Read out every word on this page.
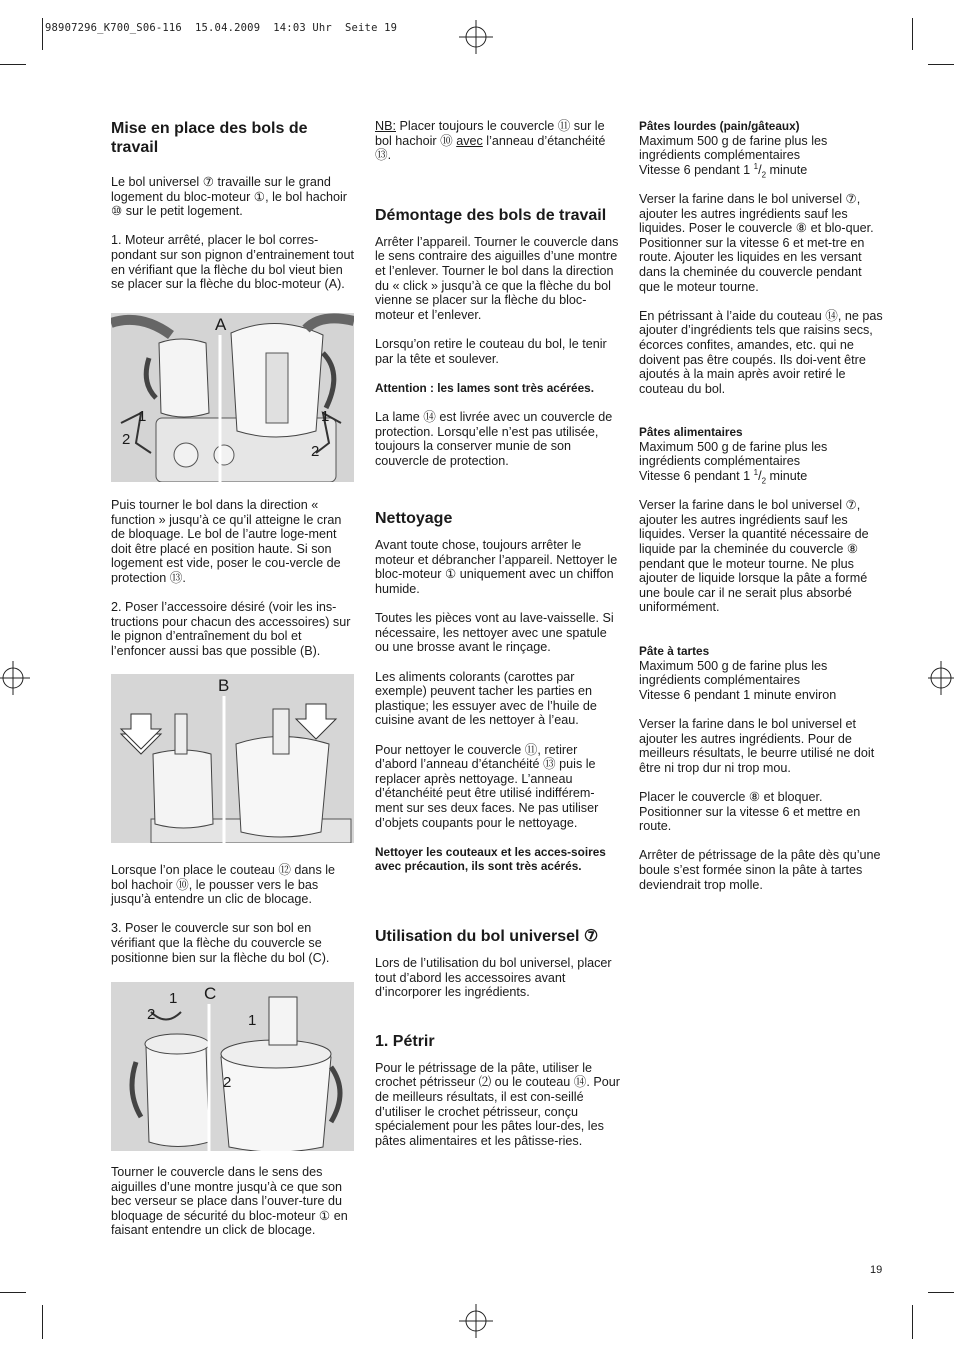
98907296_K700_S06-116  15.04.2009  14:03 Uhr  Seite 19

Mise en place des bols de travail

Le bol universel ⑦ travaille sur le grand logement du bloc-moteur ①, le bol hachoir ⑩ sur le petit logement.

1. Moteur arrêté, placer le bol corres-pondant sur son pignon d’entrainement tout en vérifiant que la flèche du bol vieut bien se placer sur la flèche du bloc-moteur (A).

A
1
2
1
2

Puis tourner le bol dans la direction « function » jusqu’à ce qu’il atteigne le cran de bloquage. Le bol de l’autre loge-ment doit être placé en position haute. Si son logement est vide, poser le cou-vercle de protection ⑬.

2. Poser l’accessoire désiré (voir les ins-tructions pour chacun des accessoires) sur le pignon d’entraînement du bol et l’enfoncer aussi bas que possible (B).

B

Lorsque l’on place le couteau ⑫ dans le bol hachoir ⑩, le pousser vers le bas jusqu’à entendre un clic de blocage.

3. Poser le couvercle sur son bol en vérifiant que la flèche du couvercle se positionne bien sur la flèche du bol (C).

C
1
2	1
2

Tourner le couvercle dans le sens des aiguilles d’une montre jusqu’à ce que son bec verseur se place dans l’ouver-ture du bloquage de sécurité du bloc-moteur ① en faisant entendre un click de blocage.

NB: Placer toujours le couvercle ⑪ sur le bol hachoir ⑩ avec l’anneau d’étanchéité ⑬.

Démontage des bols de travail

Arrêter l’appareil. Tourner le couvercle dans le sens contraire des aiguilles d’une montre et l’enlever. Tourner le bol dans la direction du « click » jusqu’à ce que la flèche du bol vienne se placer sur la flèche du bloc-moteur et l’enlever.

Lorsqu’on retire le couteau du bol, le tenir par la tête et soulever.

Attention : les lames sont très acérées.

La lame ⑭ est livrée avec un couvercle de protection. Lorsqu’elle n’est pas utilisée, toujours la conserver munie de son couvercle de protection.

Nettoyage

Avant toute chose, toujours arrêter le moteur et débrancher l’appareil. Nettoyer le bloc-moteur ① uniquement avec un chiffon humide.

Toutes les pièces vont au lave-vaisselle. Si nécessaire, les nettoyer avec une spatule ou une brosse avant le rinçage.

Les aliments colorants (carottes par exemple) peuvent tacher les parties en plastique; les essuyer avec de l’huile de cuisine avant de les nettoyer à l’eau.

Pour nettoyer le couvercle ⑪, retirer d’abord l’anneau d’étanchéité ⑬ puis le replacer après nettoyage. L’anneau d’étanchéité peut être utilisé indifférem-ment sur ses deux faces. Ne pas utiliser d’objets coupants pour le nettoyage.

Nettoyer les couteaux et les acces-soires avec précaution, ils sont très acérés.

Utilisation du bol universel ⑦

Lors de l’utilisation du bol universel, placer tout d’abord les accessoires avant d’incorporer les ingrédients.

1. Pétrir

Pour le pétrissage de la pâte, utiliser le crochet pétrisseur ⑵ ou le couteau ⑭. Pour de meilleurs résultats, il est con-seillé d’utiliser le crochet pétrisseur, conçu spécialement pour les pâtes lour-des, les pâtes alimentaires et les pâtisse-ries.

Pâtes lourdes (pain/gâteaux)

Maximum 500 g de farine plus les ingrédients complémentaires

Vitesse 6 pendant 1 $^1/_2$ minute

Verser la farine dans le bol universel ⑦, ajouter les autres ingrédients sauf les liquides. Poser le couvercle ⑧ et blo-quer. Positionner sur la vitesse 6 et met-tre en route. Ajouter les liquides en les versant dans la cheminée du couvercle pendant que le moteur tourne.

En pétrissant à l’aide du couteau ⑭, ne pas ajouter d’ingrédients tels que raisins secs, écorces confites, amandes, etc. qui ne doivent pas être coupés. Ils doi-vent être ajoutés à la main après avoir retiré le couteau du bol.

Pâtes alimentaires

Maximum 500 g de farine plus les ingrédients complémentaires

Vitesse 6 pendant 1 $^1/_2$ minute

Verser la farine dans le bol universel ⑦, ajouter les autres ingrédients sauf les liquides. Verser la quantité nécessaire de liquide par la cheminée du couvercle ⑧ pendant que le moteur tourne. Ne plus ajouter de liquide lorsque la pâte a formé une boule car il ne serait plus absorbé uniformément.

Pâte à tartes

Maximum 500 g de farine plus les ingrédients complémentaires

Vitesse 6 pendant 1 minute environ

Verser la farine dans le bol universel et ajouter les autres ingrédients. Pour de meilleurs résultats, le beurre utilisé ne doit être ni trop dur ni trop mou.

Placer le couvercle ⑧ et bloquer. Positionner sur la vitesse 6 et mettre en route.

Arrêter de pétrissage de la pâte dès qu’une boule s’est formée sinon la pâte à tartes deviendrait trop molle.

19
